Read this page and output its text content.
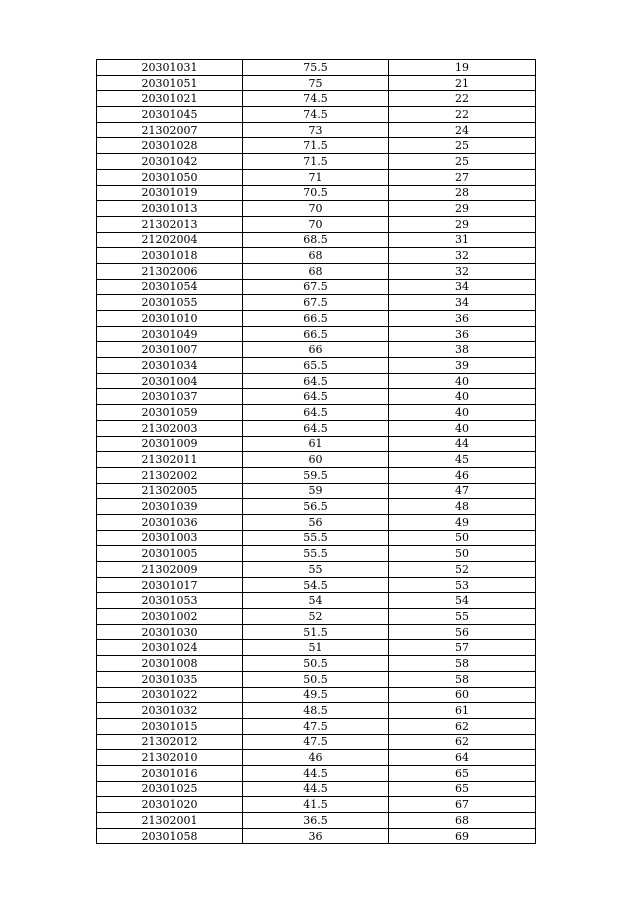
20301031	75.5	19
20301051	75	21
20301021	74.5	22
20301045	74.5	22
21302007	73	24
20301028	71.5	25
20301042	71.5	25
20301050	71	27
20301019	70.5	28
20301013	70	29
21302013	70	29
21202004	68.5	31
20301018	68	32
21302006	68	32
20301054	67.5	34
20301055	67.5	34
20301010	66.5	36
20301049	66.5	36
20301007	66	38
20301034	65.5	39
20301004	64.5	40
20301037	64.5	40
20301059	64.5	40
21302003	64.5	40
20301009	61	44
21302011	60	45
21302002	59.5	46
21302005	59	47
20301039	56.5	48
20301036	56	49
20301003	55.5	50
20301005	55.5	50
21302009	55	52
20301017	54.5	53
20301053	54	54
20301002	52	55
20301030	51.5	56
20301024	51	57
20301008	50.5	58
20301035	50.5	58
20301022	49.5	60
20301032	48.5	61
20301015	47.5	62
21302012	47.5	62
21302010	46	64
20301016	44.5	65
20301025	44.5	65
20301020	41.5	67
21302001	36.5	68
20301058	36	69
